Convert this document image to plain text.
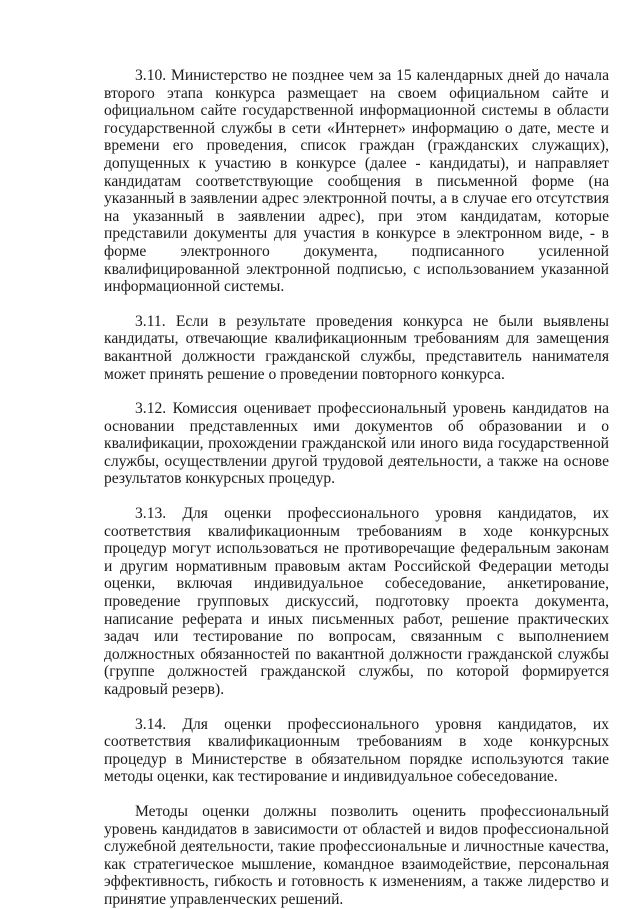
3.10. Министерство не позднее чем за 15 календарных дней до начала второго этапа конкурса размещает на своем официальном сайте и официальном сайте государственной информационной системы в области государственной службы в сети «Интернет» информацию о дате, месте и времени его проведения, список граждан (гражданских служащих), допущенных к участию в конкурсе (далее - кандидаты), и направляет кандидатам соответствующие сообщения в письменной форме (на указанный в заявлении адрес электронной почты, а в случае его отсутствия на указанный в заявлении адрес), при этом кандидатам, которые представили документы для участия в конкурсе в электронном виде, - в форме электронного документа, подписанного усиленной квалифицированной электронной подписью, с использованием указанной информационной системы.

3.11. Если в результате проведения конкурса не были выявлены кандидаты, отвечающие квалификационным требованиям для замещения вакантной должности гражданской службы, представитель нанимателя может принять решение о проведении повторного конкурса.

3.12. Комиссия оценивает профессиональный уровень кандидатов на основании представленных ими документов об образовании и о квалификации, прохождении гражданской или иного вида государственной службы, осуществлении другой трудовой деятельности, а также на основе результатов конкурсных процедур.

3.13. Для оценки профессионального уровня кандидатов, их соответствия квалификационным требованиям в ходе конкурсных процедур могут использоваться не противоречащие федеральным законам и другим нормативным правовым актам Российской Федерации методы оценки, включая индивидуальное собеседование, анкетирование, проведение групповых дискуссий, подготовку проекта документа, написание реферата и иных письменных работ, решение практических задач или тестирование по вопросам, связанным с выполнением должностных обязанностей по вакантной должности гражданской службы (группе должностей гражданской службы, по которой формируется кадровый резерв).

3.14. Для оценки профессионального уровня кандидатов, их соответствия квалификационным требованиям в ходе конкурсных процедур в Министерстве в обязательном порядке используются такие методы оценки, как тестирование и индивидуальное собеседование.

Методы оценки должны позволить оценить профессиональный уровень кандидатов в зависимости от областей и видов профессиональной служебной деятельности, такие профессиональные и личностные качества, как стратегическое мышление, командное взаимодействие, персональная эффективность, гибкость и готовность к изменениям, а также лидерство и принятие управленческих решений.
